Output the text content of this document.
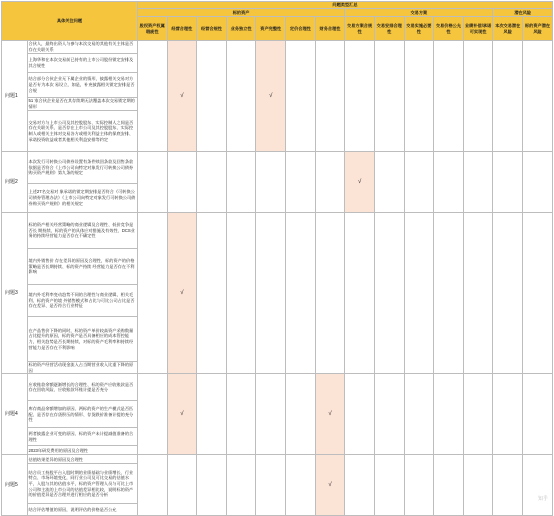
具体关注问题		问题类型汇总													
		标的资产							交易方案					潜在风险	
		股权资产权属瑕疵性	经营合理性	经营合规性	业务独立性	资产完整性	定价合理性	财务合理性	交易方案合规性	交易安排合理性	交易实施必要性	交易价格公允性	业绩补偿/承诺可实现性	本次交易潜在风险	标的资产潜在风险
问题1	合伙人，最终出资人与参与本次交易的其他有关主体是否存在关联关系		√			√									
	上海华和在本次交易前已持有的上市公司股份锁定安排及其合规性														
	结合部分合伙企业无下属企业的情形，披露相关交易对方是否专为本次 易设立，如是，补充披露相关锁定安排是否合规														
	51 家合伙企业是否在其存续期无法覆盖本次交易锁定期的情形														
	交易对方与上市公司及其控股股东、实际控制人之间是否存在关联关系、是否存在上市公司及其控股股东、实际控制人或相关主体对交易各方或相关利益主体的保底安排、承诺投资收益或者其他相关利益安排等约定														
问题2	本次发行可转换公司债券设置有条件赎回条款及回售条款依据是否符合《上市公司向特定对象发行可转换公司债券购买资产规则》第九条的规定								√						
	上述27名交易对 象承诺的锁定期安排是否符合《可转换公司债券管理办法》《上市公司向特定对象发行可转换公司债券购买资产规则》的相关规定														
问题3	标的资产相关经营策略的商业逻辑及合理性、低价竞争是否长 期持续、标的资产的具体应对措施及有效性、DCS业务的持续经营能力是否存在不确定性		√												
	境内外销售价 存在差异的原因及合理性，标的资产的价格策略是否长期持续、标的资产持续 经营能力是否存在不利影响														
	境内外毛利率变动趋势不同的合理性与商业逻辑，相关毛利、标的资产的境 外销售模式和占比与可比公司占比是否存在差异、是否符合行业特征														
	在产品售价下降的同时，标的资产单价较高资产采购数量占比提升的原因，标的资产是否具备相应的成本管控能力，相关趋势是否长期持续，对标的资产毛利率和持续经营能力是否存在不利影响														
	标的资产经营活动现金流入占当期营业收入比重下降的原因														
问题4	应收账款余额逐渐增长的合理性、标的资产应收账款是否存在回收风险、应收账款坏账计提是否充分		√					√							
	库存商品余额增加的原因、两标的资产的生产模式是否匹配、是否存在存货积压的情形、存货跌价准备计提的充分性														
	两者披露企业可变的原因、标的资产未计提减值准备的合理性														
	2023年研发费用的原因及合理性														
问题5	估值结果差异的原因及合理性							√							
	结合员工持股平台入股时期的业绩基础与业绩增长、行业特点、市场环境变化，同行业公司及可比交易的估值水平，入股与其的估值水平，标的资产管理人员与可比上市公司和主流的上市公司的估值差异相比较，说明标的资产的价值差异是否合理并进行相应的是否分析														
	结合评估增值的原因，说明评估的价格是否公允														
知乎
